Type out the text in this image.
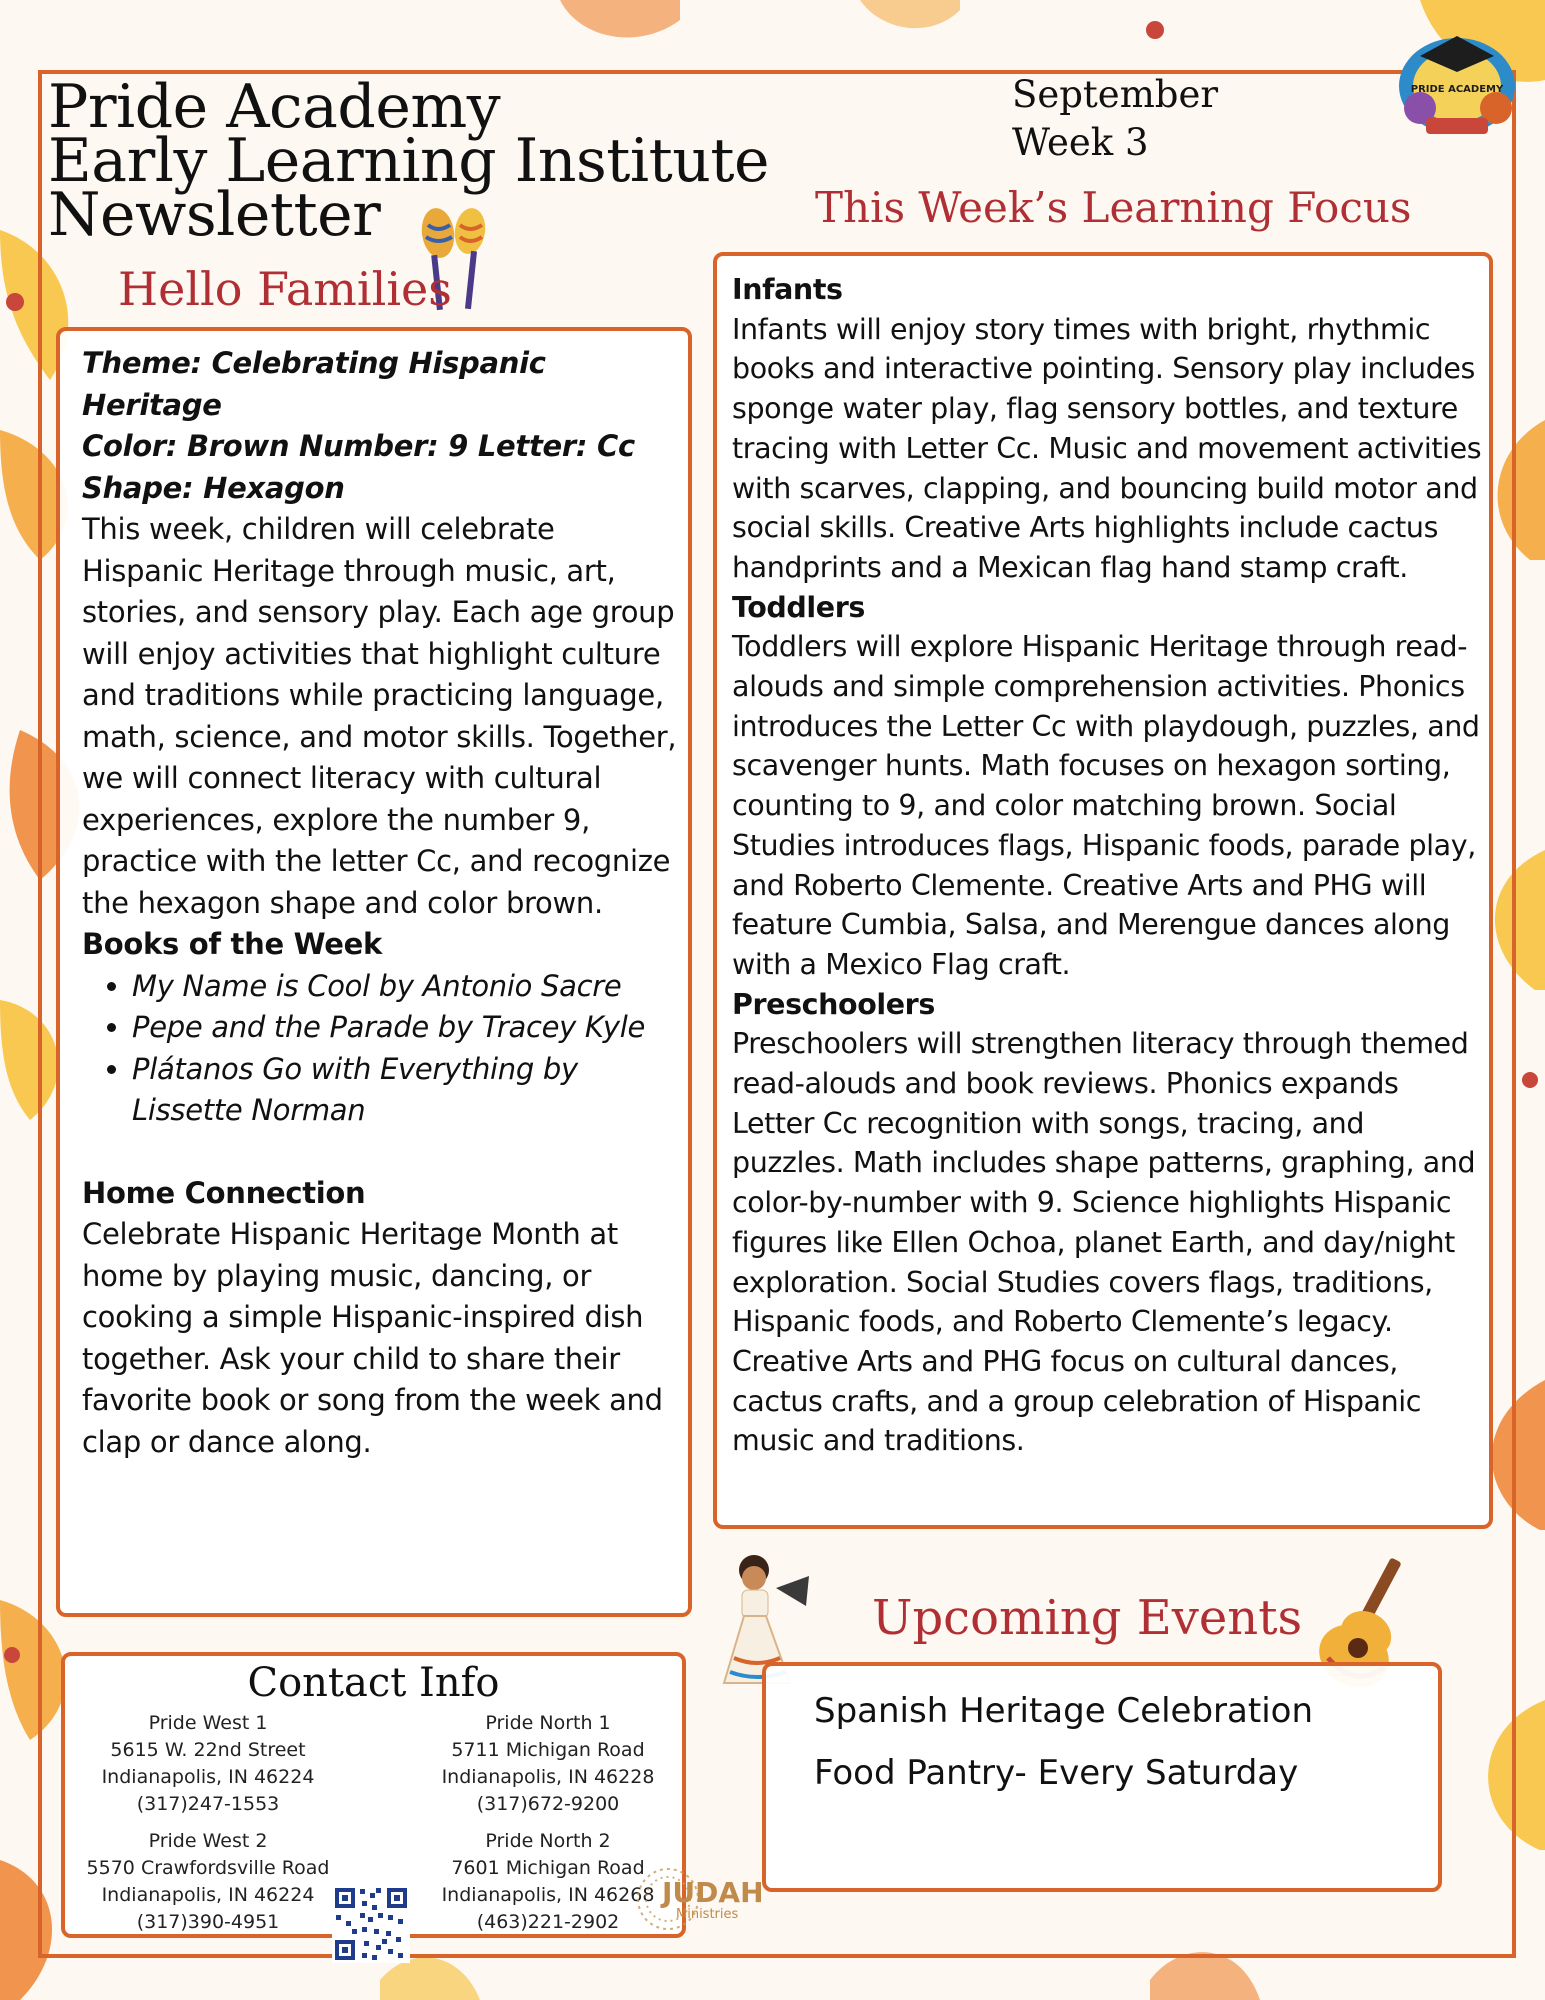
Pride Academy
Early Learning Institute
Newsletter
September
Week 3
PRIDE ACADEMY
Hello Families
This Week’s Learning Focus

Theme: Celebrating Hispanic Heritage

Color: Brown Number: 9 Letter: Cc

Shape: Hexagon

This week, children will celebrate Hispanic Heritage through music, art, stories, and sensory play. Each age group will enjoy activities that highlight culture and traditions while practicing language, math, science, and motor skills. Together, we will connect literacy with cultural experiences, explore the number 9, practice with the letter Cc, and recognize the hexagon shape and color brown.

Books of the Week

• My Name is Cool by Antonio Sacre
• Pepe and the Parade by Tracey Kyle
• Plátanos Go with Everything by Lissette Norman

Home Connection

Celebrate Hispanic Heritage Month at home by playing music, dancing, or cooking a simple Hispanic-inspired dish together. Ask your child to share their favorite book or song from the week and clap or dance along.

Infants

Infants will enjoy story times with bright, rhythmic books and interactive pointing. Sensory play includes sponge water play, flag sensory bottles, and texture tracing with Letter Cc. Music and movement activities with scarves, clapping, and bouncing build motor and social skills. Creative Arts highlights include cactus handprints and a Mexican flag hand stamp craft.

Toddlers

Toddlers will explore Hispanic Heritage through read-alouds and simple comprehension activities. Phonics introduces the Letter Cc with playdough, puzzles, and scavenger hunts. Math focuses on hexagon sorting, counting to 9, and color matching brown. Social Studies introduces flags, Hispanic foods, parade play, and Roberto Clemente. Creative Arts and PHG will feature Cumbia, Salsa, and Merengue dances along with a Mexico Flag craft.

Preschoolers

Preschoolers will strengthen literacy through themed read-alouds and book reviews. Phonics expands Letter Cc recognition with songs, tracing, and puzzles. Math includes shape patterns, graphing, and color-by-number with 9. Science highlights Hispanic figures like Ellen Ochoa, planet Earth, and day/night exploration. Social Studies covers flags, traditions, Hispanic foods, and Roberto Clemente’s legacy. Creative Arts and PHG focus on cultural dances, cactus crafts, and a group celebration of Hispanic music and traditions.

Upcoming Events
Spanish Heritage Celebration
Food Pantry- Every Saturday
Contact Info

Pride West 1

5615 W. 22nd Street

Indianapolis, IN 46224

(317)247-1553

Pride North 1

5711 Michigan Road

Indianapolis, IN 46228

(317)672-9200

Pride West 2

5570 Crawfordsville Road

Indianapolis, IN 46224

(317)390-4951

Pride North 2

7601 Michigan Road

Indianapolis, IN 46268

(463)221-2902

JUDAH
Ministries
